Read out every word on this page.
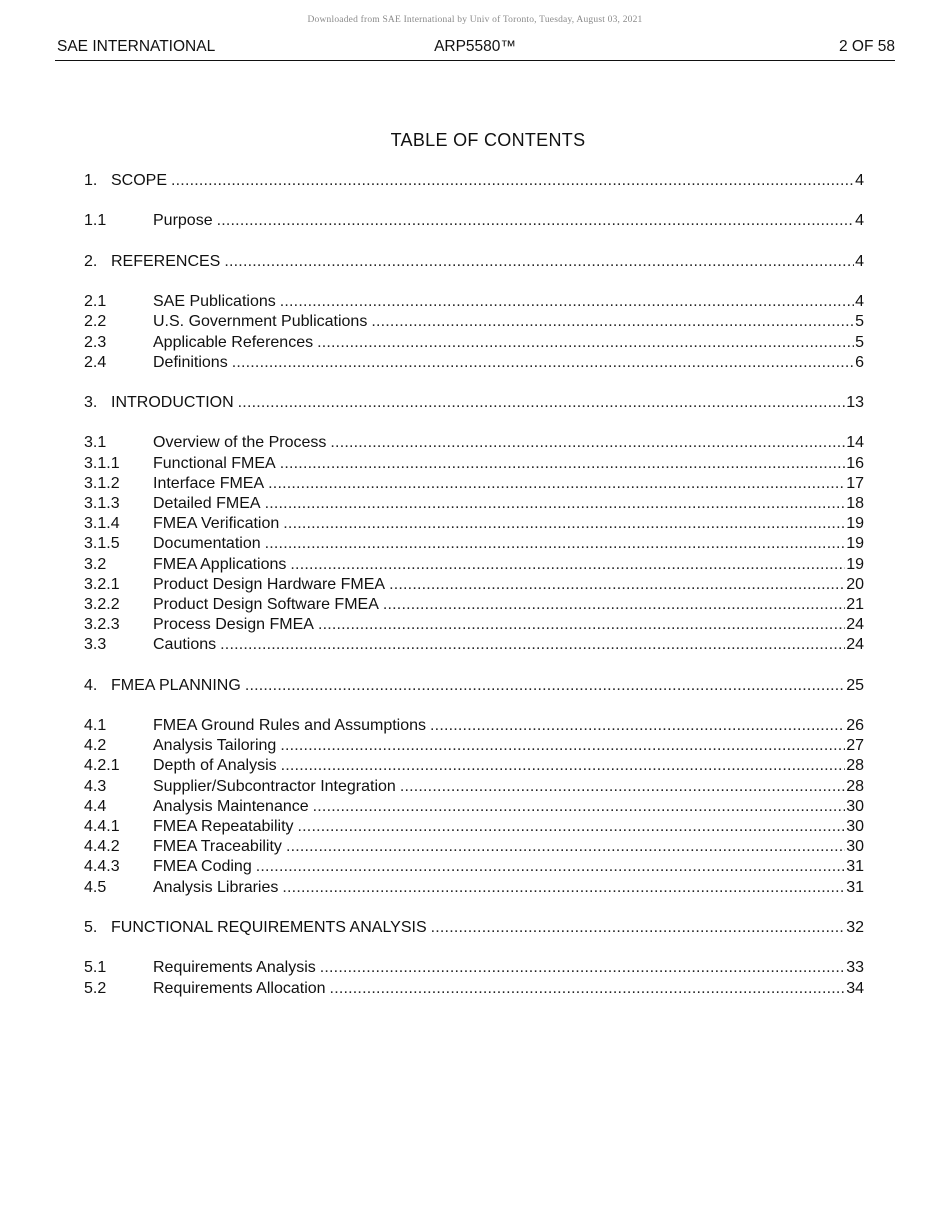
Downloaded from SAE International by Univ of Toronto, Tuesday, August 03, 2021
SAE INTERNATIONAL	ARP5580™	2 OF 58
TABLE OF CONTENTS
1. SCOPE .....	4
1.1	Purpose .....	4
2. REFERENCES .....	4
2.1	SAE Publications .....	4
2.2	U.S. Government Publications .....	5
2.3	Applicable References .....	5
2.4	Definitions .....	6
3. INTRODUCTION .....	13
3.1	Overview of the Process .....	14
3.1.1	Functional FMEA .....	16
3.1.2	Interface FMEA .....	17
3.1.3	Detailed FMEA .....	18
3.1.4	FMEA Verification .....	19
3.1.5	Documentation .....	19
3.2	FMEA Applications .....	19
3.2.1	Product Design Hardware FMEA .....	20
3.2.2	Product Design Software FMEA .....	21
3.2.3	Process Design FMEA .....	24
3.3	Cautions .....	24
4. FMEA PLANNING .....	25
4.1	FMEA Ground Rules and Assumptions .....	26
4.2	Analysis Tailoring .....	27
4.2.1	Depth of Analysis .....	28
4.3	Supplier/Subcontractor Integration .....	28
4.4	Analysis Maintenance .....	30
4.4.1	FMEA Repeatability .....	30
4.4.2	FMEA Traceability .....	30
4.4.3	FMEA Coding .....	31
4.5	Analysis Libraries .....	31
5. FUNCTIONAL REQUIREMENTS ANALYSIS .....	32
5.1	Requirements Analysis .....	33
5.2	Requirements Allocation .....	34
